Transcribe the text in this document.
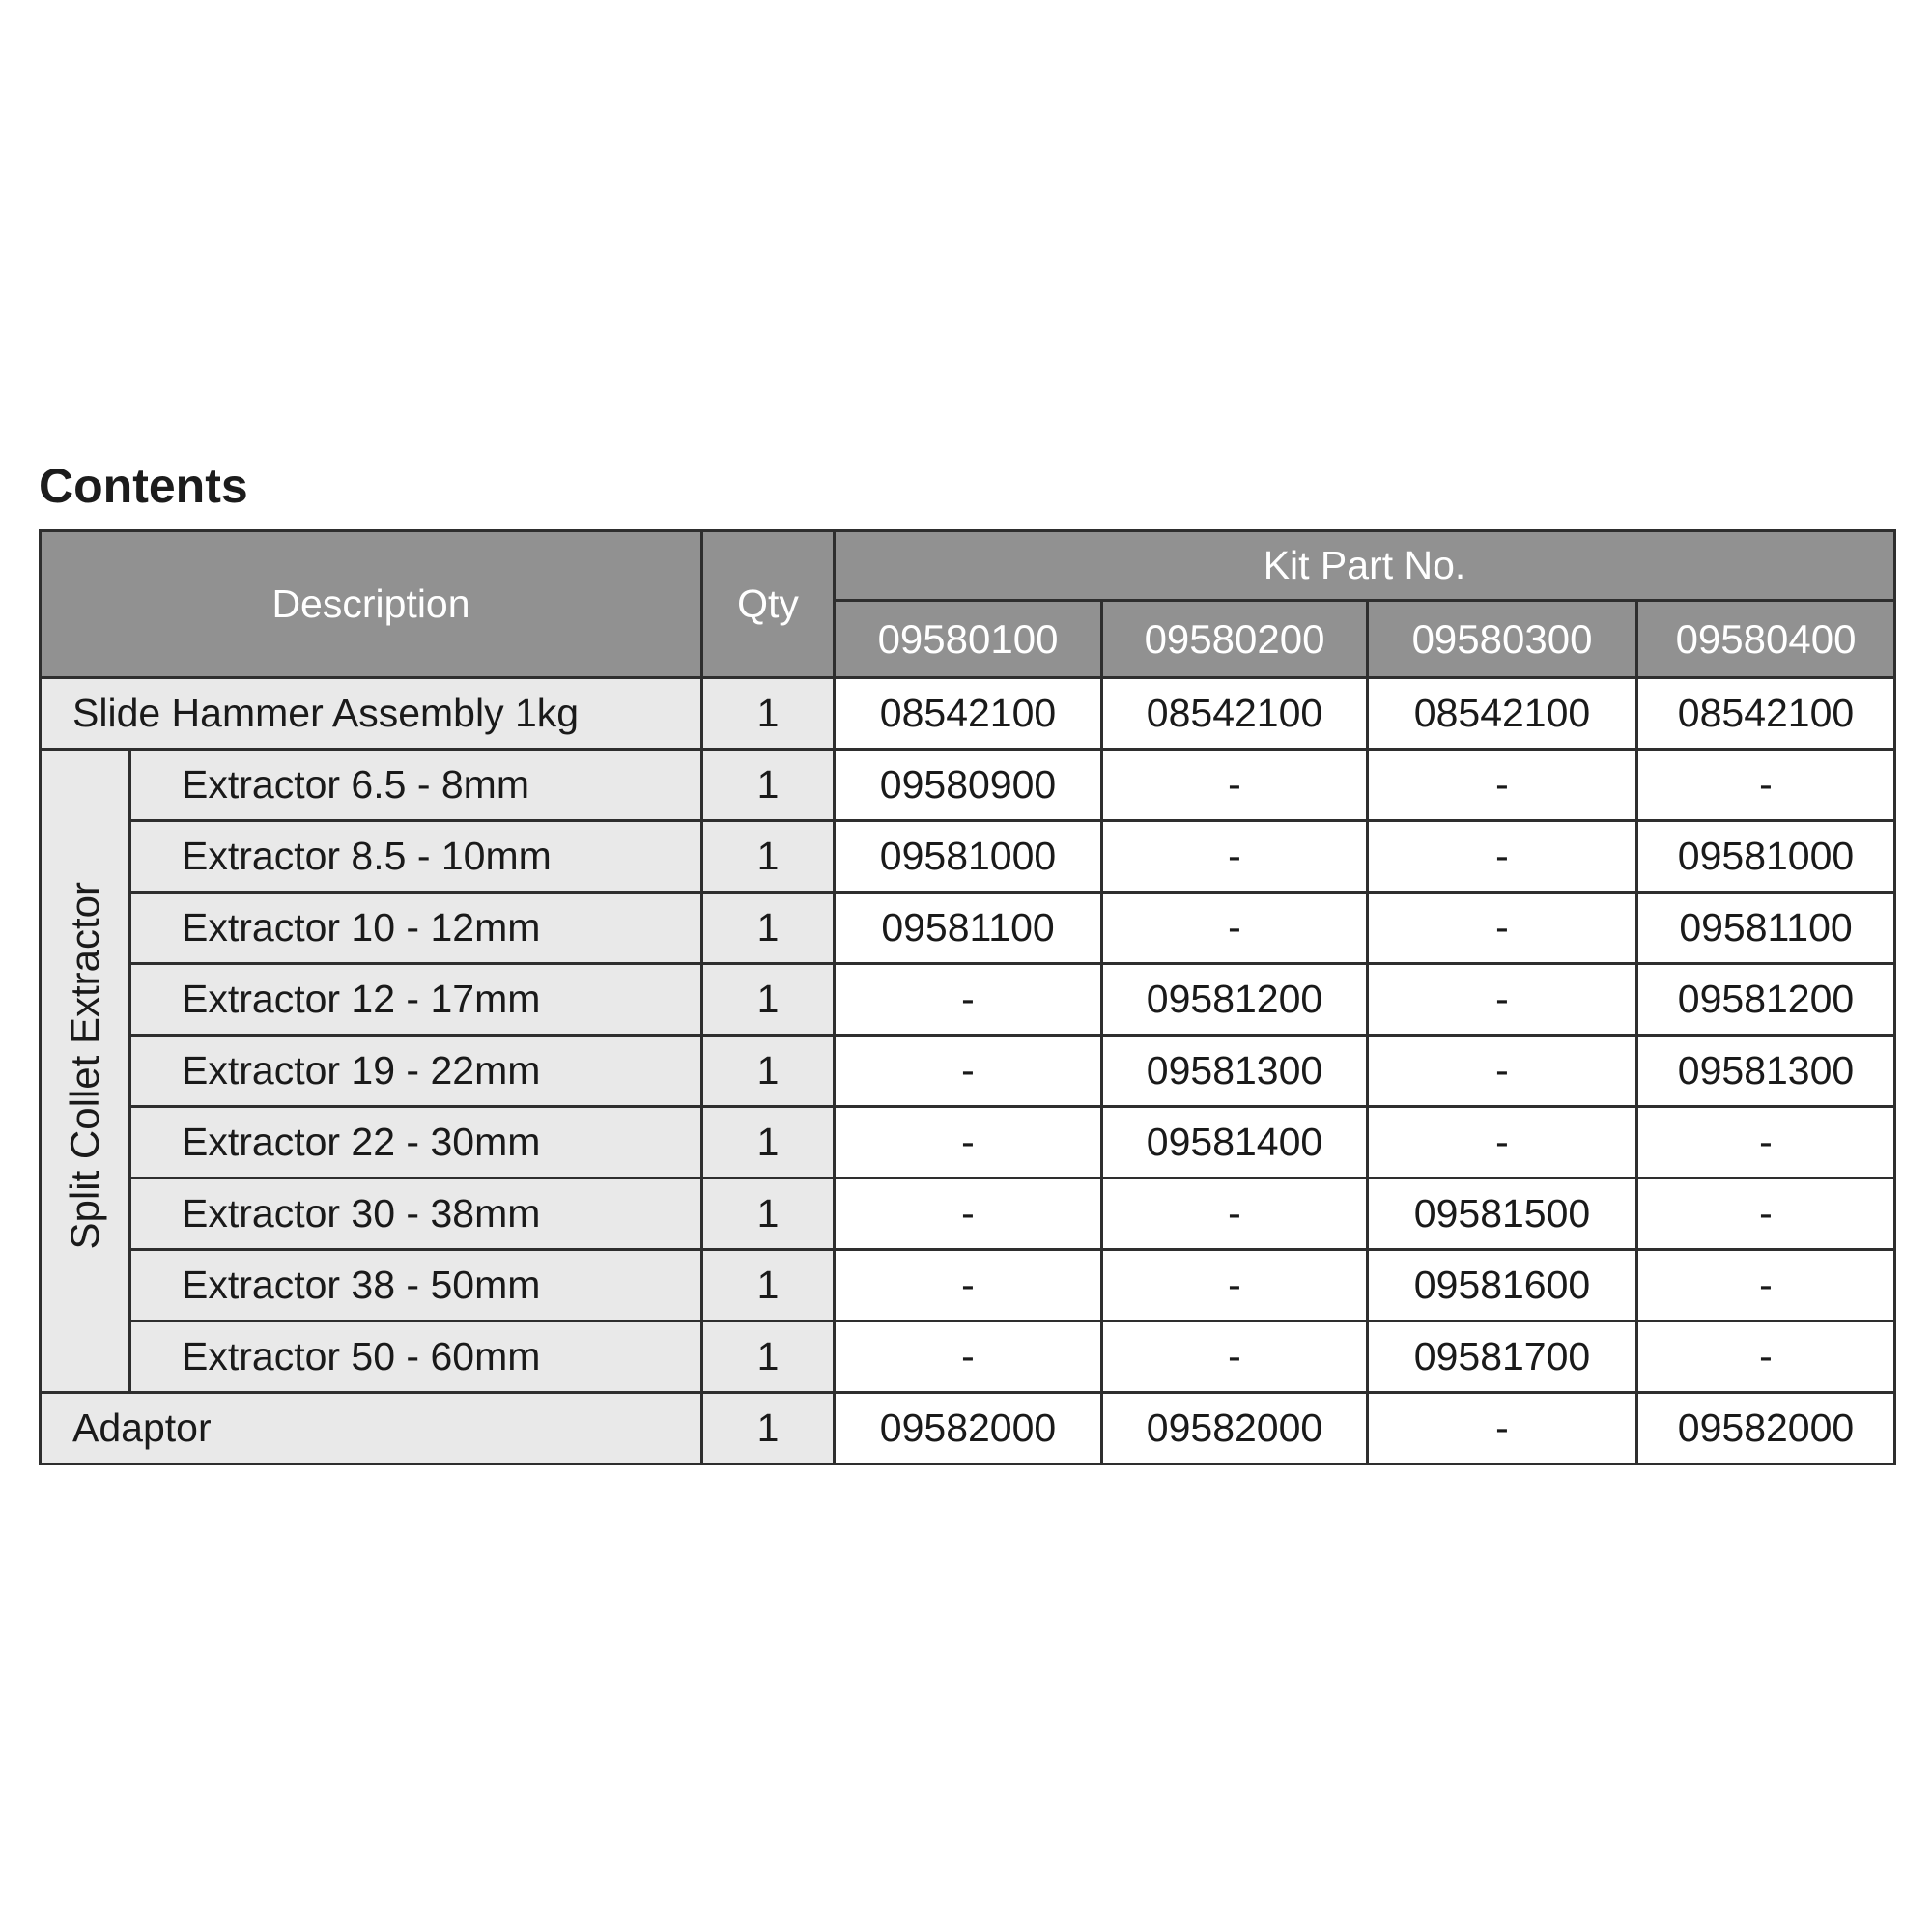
Contents
Description		Qty	Kit Part No.			
			09580100	09580200	09580300	09580400
Slide Hammer Assembly 1kg		1	08542100	08542100	08542100	08542100
Split Collet Extractor	Extractor 6.5 - 8mm	1	09580900	-	-	-
	Extractor 8.5 - 10mm	1	09581000	-	-	09581000
	Extractor 10 - 12mm	1	09581100	-	-	09581100
	Extractor 12 - 17mm	1	-	09581200	-	09581200
	Extractor 19 - 22mm	1	-	09581300	-	09581300
	Extractor 22 - 30mm	1	-	09581400	-	-
	Extractor 30 - 38mm	1	-	-	09581500	-
	Extractor 38 - 50mm	1	-	-	09581600	-
	Extractor 50 - 60mm	1	-	-	09581700	-
Adaptor		1	09582000	09582000	-	09582000
